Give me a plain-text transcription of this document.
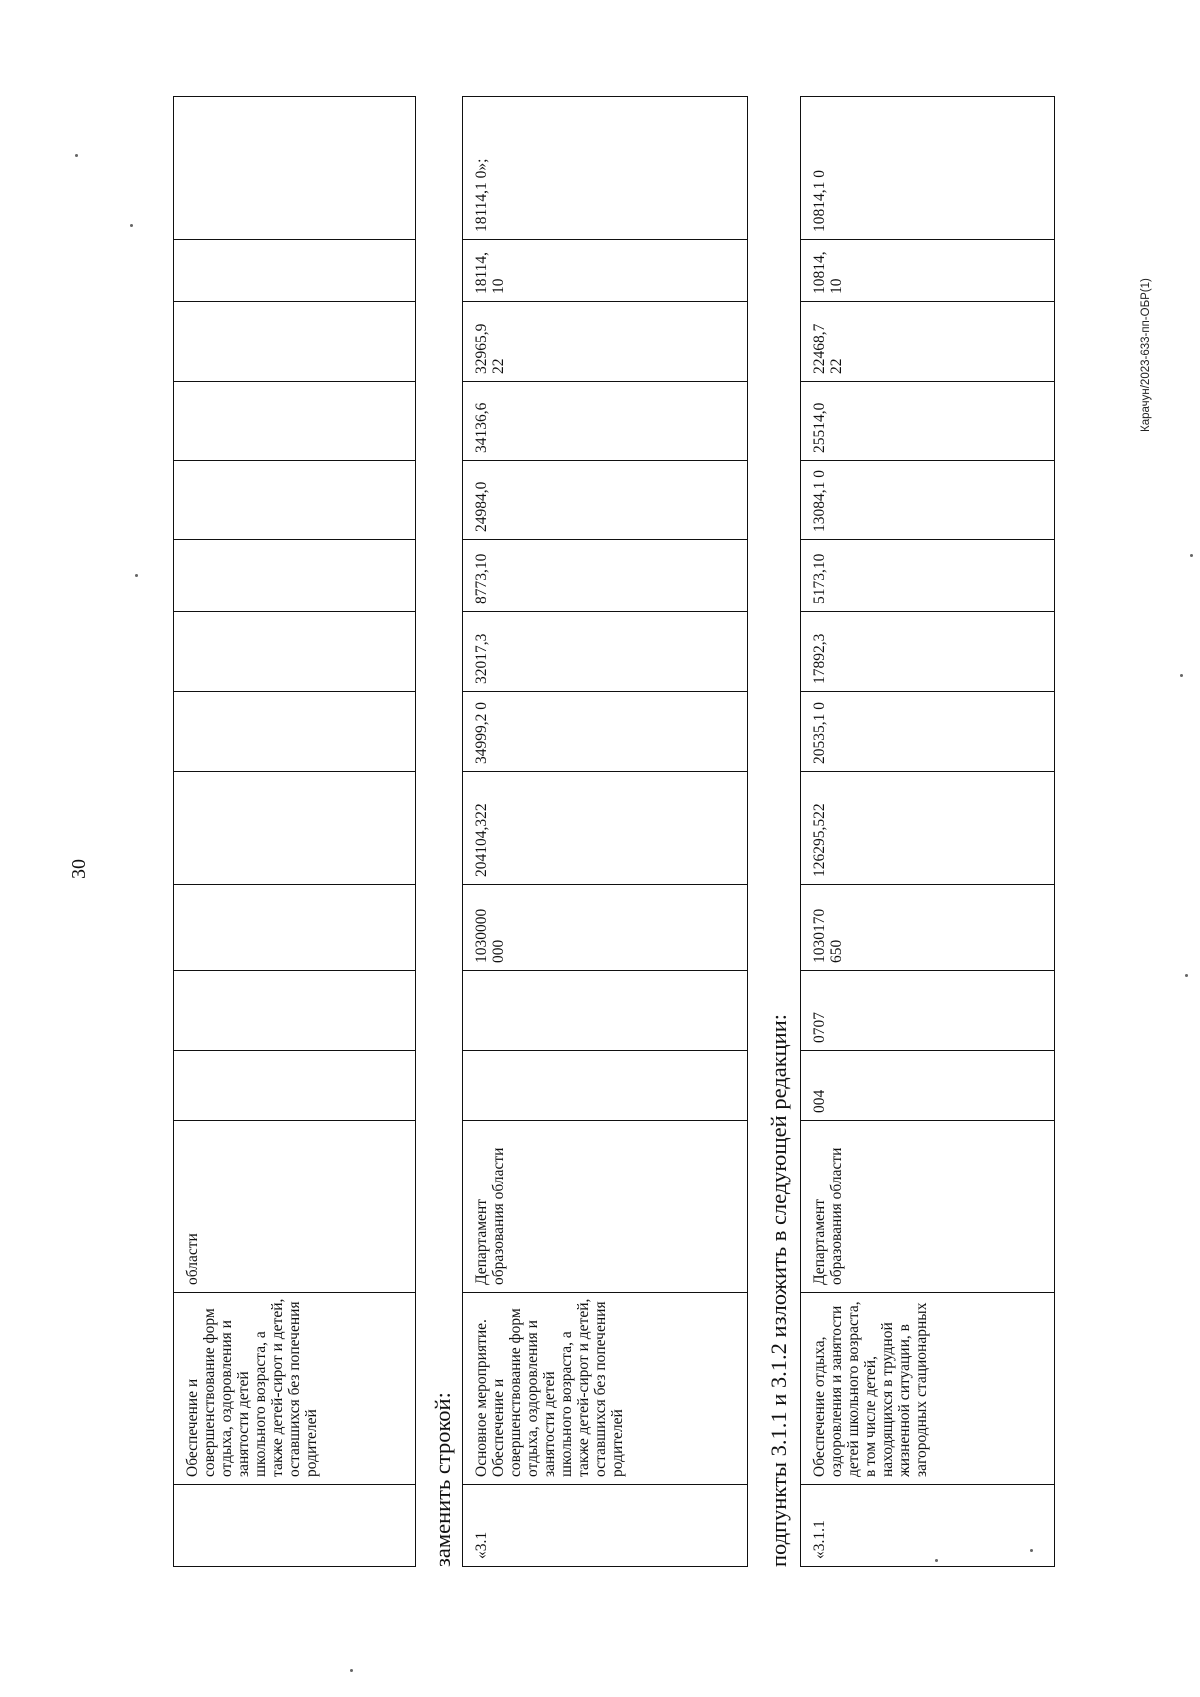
30
	Обеспечение и совершенствование форм отдыха, оздоровления и занятости детей школьного возраста, а также детей-сирот и детей, оставшихся без попечения родителей	области												
заменить строкой: «3.1	Основное мероприятие. Обеспечение и совершенствование форм отдыха, оздоровления и занятости детей школьного возраста, а также детей-сирот и детей, оставшихся без попечения родителей	Департамент образования области			1030000 000	204104,322	34999,2 0	32017,3	8773,10	24984,0	34136,6	32965,9 22	18114, 10	18114,1 0»;
подпункты 3.1.1 и 3.1.2 изложить в следующей редакции: «3.1.1	Обеспечение отдыха, оздоровления и занятости детей школьного возраста, в том числе детей, находящихся в трудной жизненной ситуации, в загородных стационарных	Департамент образования области	004	0707	1030170 650	126295,522	20535,1 0	17892,3	5173,10	13084,1 0	25514,0	22468,7 22	10814, 10	10814,1 0
Карачун/2023-633-пп-ОБР(1)
